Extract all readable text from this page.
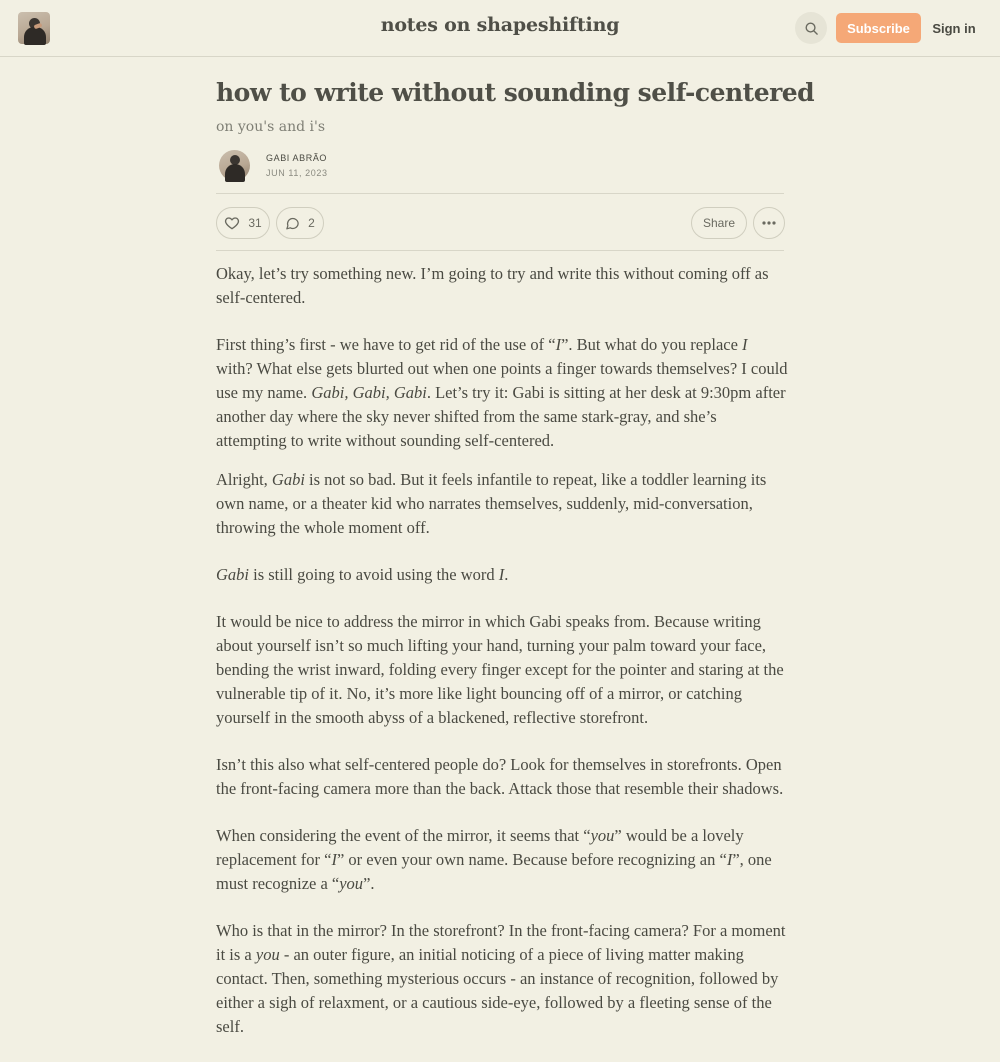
notes on shapeshifting	Subscribe	Sign in
how to write without sounding self-centered
on you's and i's
GABI ABRÃO
JUN 11, 2023
31	2	Share

Okay, let’s try something new. I’m going to try and write this without coming off as self-centered.

First thing’s first - we have to get rid of the use of “I”. But what do you replace I with? What else gets blurted out when one points a finger towards themselves? I could use my name. Gabi, Gabi, Gabi. Let’s try it: Gabi is sitting at her desk at 9:30pm after another day where the sky never shifted from the same stark-gray, and she’s attempting to write without sounding self-centered.

Alright, Gabi is not so bad. But it feels infantile to repeat, like a toddler learning its own name, or a theater kid who narrates themselves, suddenly, mid-conversation, throwing the whole moment off.

Gabi is still going to avoid using the word I.

It would be nice to address the mirror in which Gabi speaks from. Because writing about yourself isn’t so much lifting your hand, turning your palm toward your face, bending the wrist inward, folding every finger except for the pointer and staring at the vulnerable tip of it. No, it’s more like light bouncing off of a mirror, or catching yourself in the smooth abyss of a blackened, reflective storefront.

Isn’t this also what self-centered people do? Look for themselves in storefronts. Open the front-facing camera more than the back. Attack those that resemble their shadows.

When considering the event of the mirror, it seems that “you” would be a lovely replacement for “I” or even your own name. Because before recognizing an “I”, one must recognize a “you”.

Who is that in the mirror? In the storefront? In the front-facing camera? For a moment it is a you - an outer figure, an initial noticing of a piece of living matter making contact. Then, something mysterious occurs - an instance of recognition, followed by either a sigh of relaxment, or a cautious side-eye, followed by a fleeting sense of the self.
